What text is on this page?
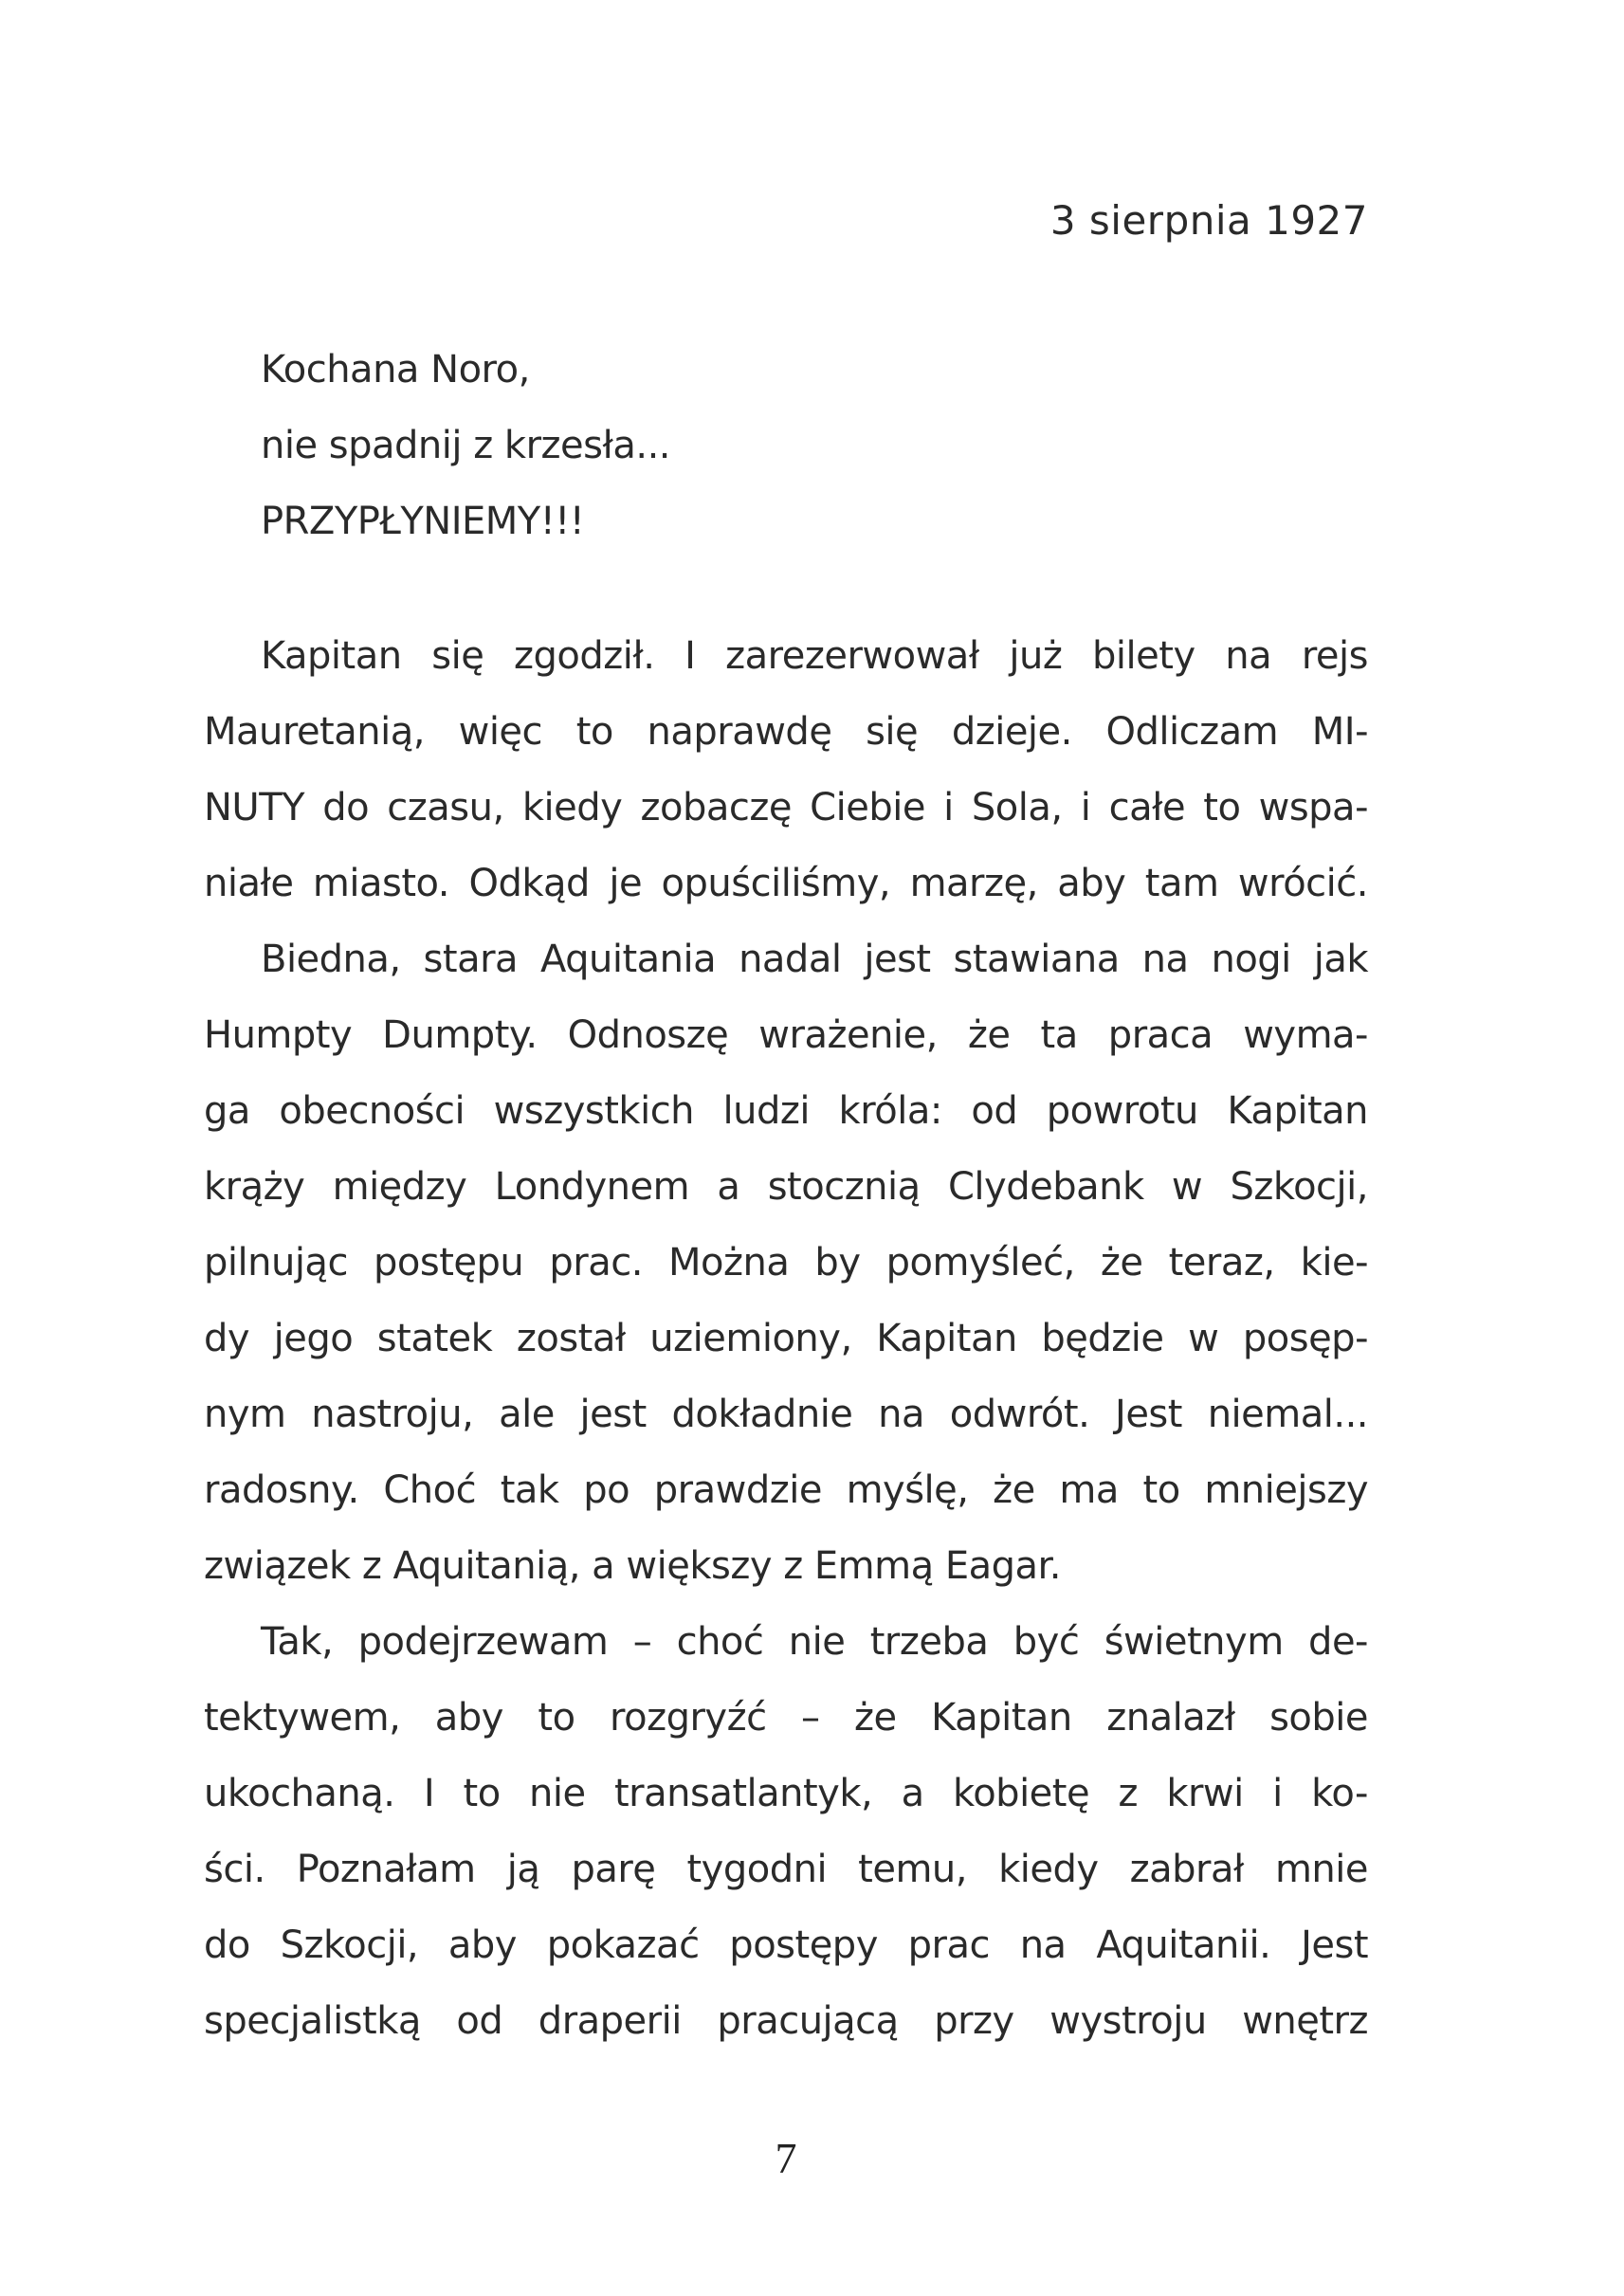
3 sierpnia 1927
Kochana Noro,
nie spadnij z krzesła...
PRZYPŁYNIEMY!!!
Kapitan się zgodził. I zarezerwował już bilety na rejs
Mauretanią, więc to naprawdę się dzieje. Odliczam MI-
NUTY do czasu, kiedy zobaczę Ciebie i Sola, i całe to wspa-
niałe miasto. Odkąd je opuściliśmy, marzę, aby tam wrócić.
Biedna, stara Aquitania nadal jest stawiana na nogi jak
Humpty Dumpty. Odnoszę wrażenie, że ta praca wyma-
ga obecności wszystkich ludzi króla: od powrotu Kapitan
krąży między Londynem a stocznią Clydebank w Szkocji,
pilnując postępu prac. Można by pomyśleć, że teraz, kie-
dy jego statek został uziemiony, Kapitan będzie w posęp-
nym nastroju, ale jest dokładnie na odwrót. Jest niemal...
radosny. Choć tak po prawdzie myślę, że ma to mniejszy
związek z Aquitanią, a większy z Emmą Eagar.
Tak, podejrzewam – choć nie trzeba być świetnym de-
tektywem, aby to rozgryźć – że Kapitan znalazł sobie
ukochaną. I to nie transatlantyk, a kobietę z krwi i ko-
ści. Poznałam ją parę tygodni temu, kiedy zabrał mnie
do Szkocji, aby pokazać postępy prac na Aquitanii. Jest
specjalistką od draperii pracującą przy wystroju wnętrz
7
